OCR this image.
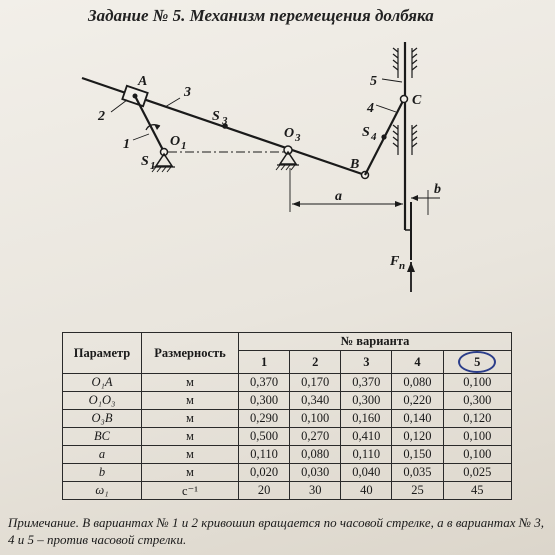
Задание № 5. Механизм перемещения долбяка
A
2
3
S 3
1	O 1
S 1
O 3
B
S 4
4
5
C
a	b
F n
Параметр	Размерность	№ варианта				
		1	2	3	4	5
O₁A	м	0,370	0,170	0,370	0,080	0,100
O₁O₃	м	0,300	0,340	0,300	0,220	0,300
O₃B	м	0,290	0,100	0,160	0,140	0,120
BC	м	0,500	0,270	0,410	0,120	0,100
a	м	0,110	0,080	0,110	0,150	0,100
b	м	0,020	0,030	0,040	0,035	0,025
ω₁	с⁻¹	20	30	40	25	45
Примечание. В вариантах № 1 и 2 кривошип вращается по часовой стрелке, а в вариантах № 3, 4 и 5 – против часовой стрелки.
